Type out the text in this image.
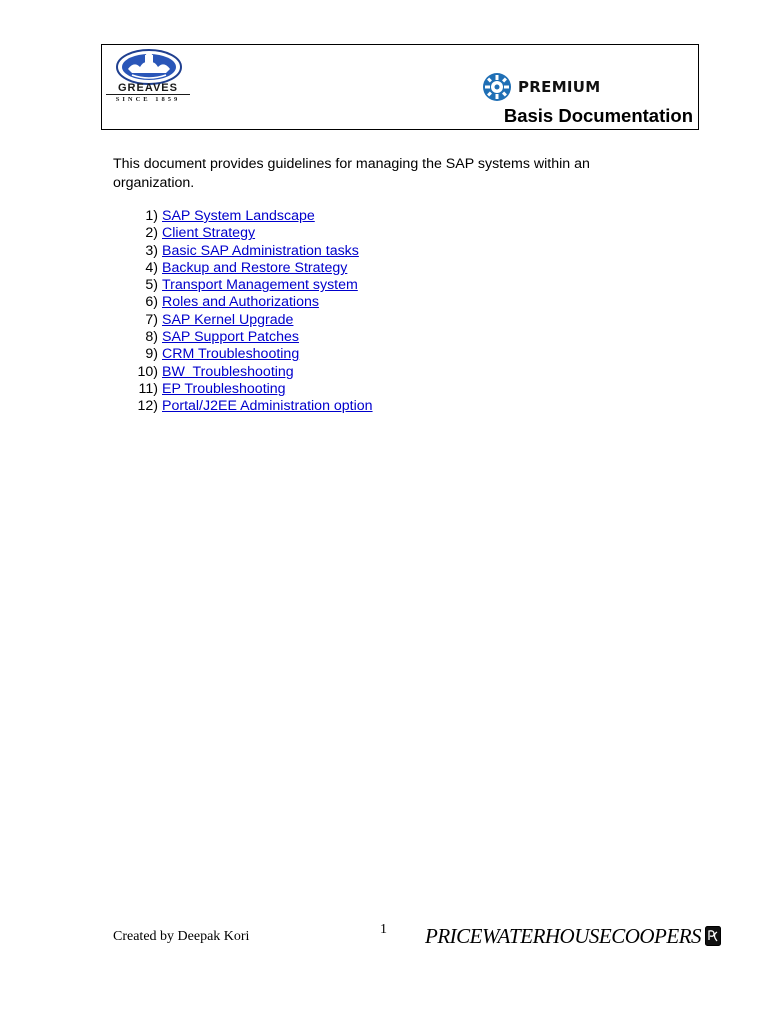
GREAVES
SINCE 1859
PREMIUM
Basis Documentation
This document provides guidelines for managing the SAP systems within an organization.
1) SAP System Landscape
2) Client Strategy
3) Basic SAP Administration tasks
4) Backup and Restore Strategy
5) Transport Management system
6) Roles and Authorizations
7) SAP Kernel Upgrade
8) SAP Support Patches
9) CRM Troubleshooting
10) BW  Troubleshooting
11) EP Troubleshooting
12) Portal/J2EE Administration option
Created by Deepak Kori	1 PRICEWATERHOUSECOOPERS
